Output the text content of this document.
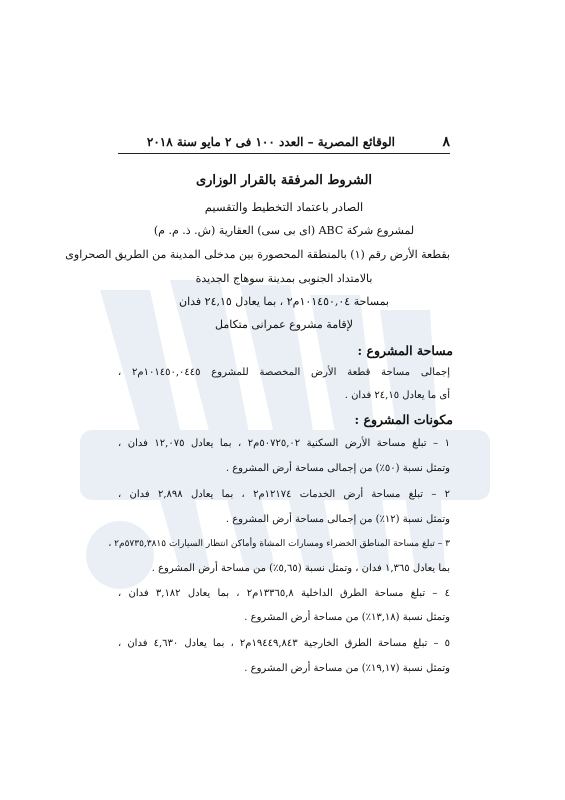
٨
الوقائع المصرية – العدد ١٠٠ فى ٢ مايو سنة ٢٠١٨
الشروط المرفقة بالقرار الوزارى
الصادر باعتماد التخطيط والتقسيم
لمشروع شركة ABC (اى بى سى) العقارية (ش. ذ. م. م)
بقطعة الأرض رقم (١) بالمنطقة المحصورة بين مدخلى المدينة من الطريق الصحراوى
بالامتداد الجنوبى بمدينة سوهاج الجديدة
بمساحة ١٠١٤٥٠,٠٤م٢ ، بما يعادل ٢٤,١٥ فدان
لإقامة مشروع عمرانى متكامل
مساحة المشروع :
إجمالى مساحة قطعة الأرض المخصصة للمشروع ١٠١٤٥٠,٠٤٤٥م٢ ،
أى ما يعادل ٢٤,١٥ فدان .
مكونات المشروع :
١ – تبلغ مساحة الأرض السكنية ٥٠٧٢٥,٠٢م٢ ، بما يعادل ١٢,٠٧٥ فدان ،
وتمثل نسبة (٥٠٪) من إجمالى مساحة أرض المشروع .
٢ – تبلغ مساحة أرض الخدمات ١٢١٧٤م٢ ، بما يعادل ٢,٨٩٨ فدان ،
وتمثل نسبة (١٢٪) من إجمالى مساحة أرض المشروع .
٣ – تبلغ مساحة المناطق الخضراء ومسارات المشاة وأماكن انتظار السيارات ٥٧٣٥,٣٨١٥م٢ ،
بما يعادل ١,٣٦٥ فدان ، وتمثل نسبة (٥,٦٥٪) من مساحة أرض المشروع .
٤ – تبلغ مساحة الطرق الداخلية ١٣٣٦٥,٨م٢ ، بما يعادل ٣,١٨٢ فدان ،
وتمثل نسبة (١٣,١٨٪) من مساحة أرض المشروع .
٥ – تبلغ مساحة الطرق الخارجية ١٩٤٤٩,٨٤٣م٢ ، بما يعادل ٤,٦٣٠ فدان ،
وتمثل نسبة (١٩,١٧٪) من مساحة أرض المشروع .
